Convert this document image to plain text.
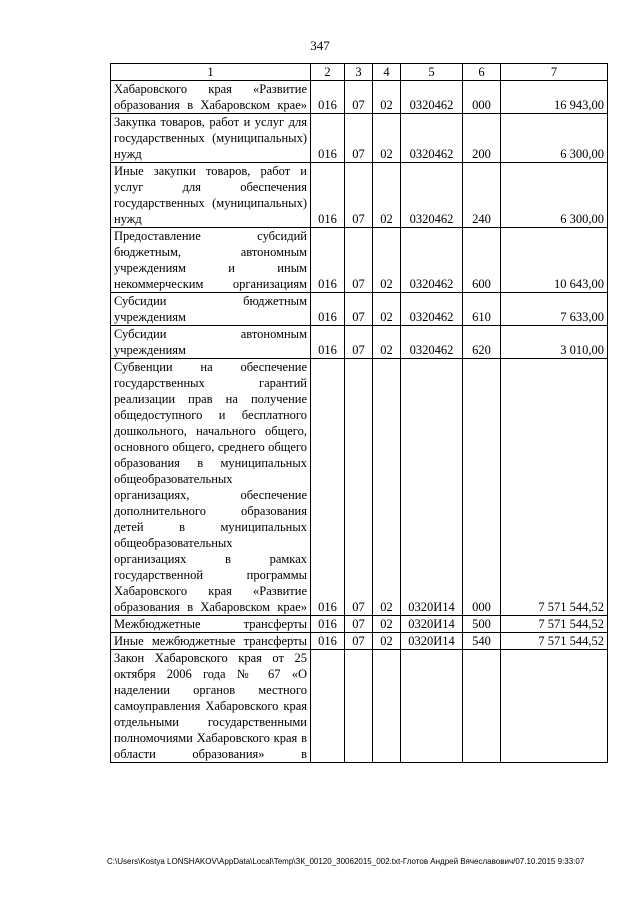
347
1	2	3	4	5	6	7
Хабаровского края «Развитие образования в Хабаровском крае»	016	07	02	0320462	000	16 943,00
Закупка товаров, работ и услуг для государственных (муниципальных) нужд	016	07	02	0320462	200	6 300,00
Иные закупки товаров, работ и услуг для обеспечения государственных (муниципальных) нужд	016	07	02	0320462	240	6 300,00
Предоставление субсидий бюджетным, автономным учреждениям и иным некоммерческим организациям	016	07	02	0320462	600	10 643,00
Субсидии бюджетным учреждениям	016	07	02	0320462	610	7 633,00
Субсидии автономным учреждениям	016	07	02	0320462	620	3 010,00
Субвенции на обеспечение государственных гарантий реализации прав на получение общедоступного и бесплатного дошкольного, начального общего, основного общего, среднего общего образования в муниципальных общеобразовательных организациях, обеспечение дополнительного образования детей в муниципальных общеобразовательных организациях в рамках государственной программы Хабаровского края «Развитие образования в Хабаровском крае»	016	07	02	0320И14	000	7 571 544,52
Межбюджетные трансферты	016	07	02	0320И14	500	7 571 544,52
Иные межбюджетные трансферты	016	07	02	0320И14	540	7 571 544,52
Закон Хабаровского края от 25 октября 2006 года № 67 «О наделении органов местного самоуправления Хабаровского края отдельными государственными полномочиями Хабаровского края в области образования» в						
C:\Users\Kostya LONSHAKOV\AppData\Local\Temp\ЗК_00120_30062015_002.txt-Глотов Андрей Вячеславович/07.10.2015 9:33:07
